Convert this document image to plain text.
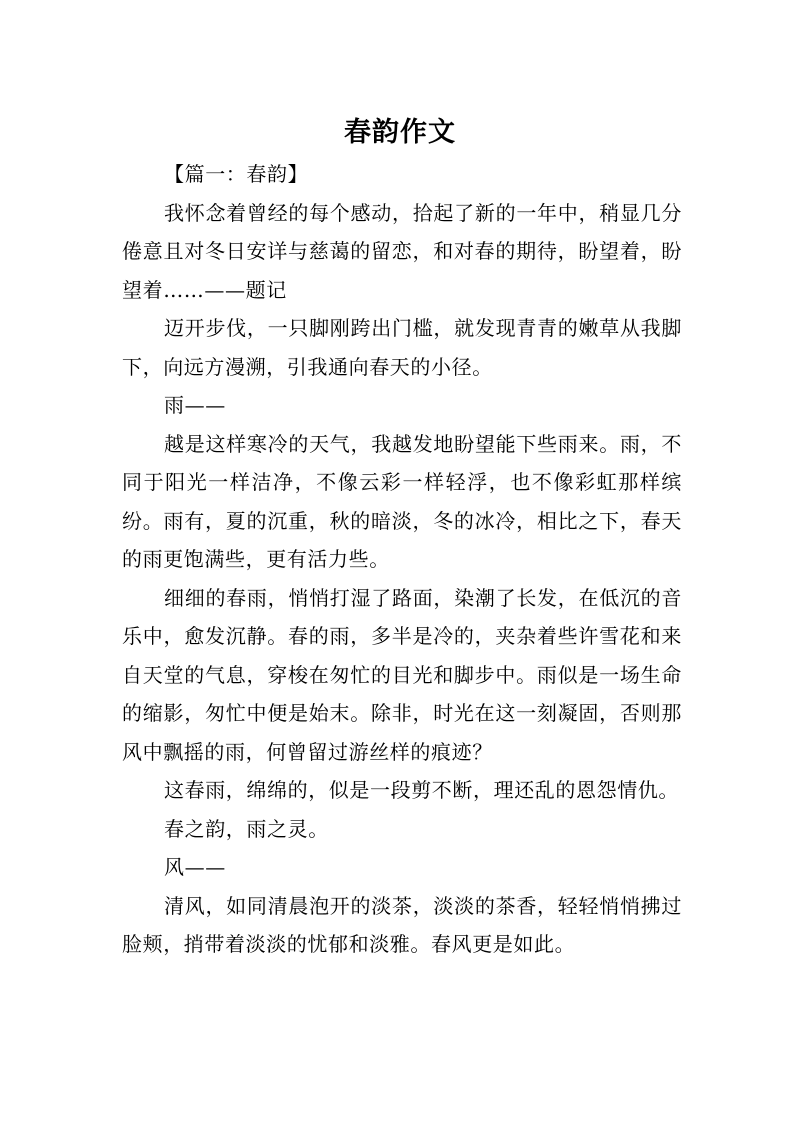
春韵作文

【篇一：春韵】

我怀念着曾经的每个感动，拾起了新的一年中，稍显几分倦意且对冬日安详与慈蔼的留恋，和对春的期待，盼望着，盼望着……——题记

迈开步伐，一只脚刚跨出门槛，就发现青青的嫩草从我脚下，向远方漫溯，引我通向春天的小径。

雨——

越是这样寒冷的天气，我越发地盼望能下些雨来。雨，不同于阳光一样洁净，不像云彩一样轻浮，也不像彩虹那样缤纷。雨有，夏的沉重，秋的暗淡，冬的冰冷，相比之下，春天的雨更饱满些，更有活力些。

细细的春雨，悄悄打湿了路面，染潮了长发，在低沉的音乐中，愈发沉静。春的雨，多半是冷的，夹杂着些许雪花和来自天堂的气息，穿梭在匆忙的目光和脚步中。雨似是一场生命的缩影，匆忙中便是始末。除非，时光在这一刻凝固，否则那风中飘摇的雨，何曾留过游丝样的痕迹？

这春雨，绵绵的，似是一段剪不断，理还乱的恩怨情仇。

春之韵，雨之灵。

风——

清风，如同清晨泡开的淡茶，淡淡的茶香，轻轻悄悄拂过脸颊，捎带着淡淡的忧郁和淡雅。春风更是如此。
